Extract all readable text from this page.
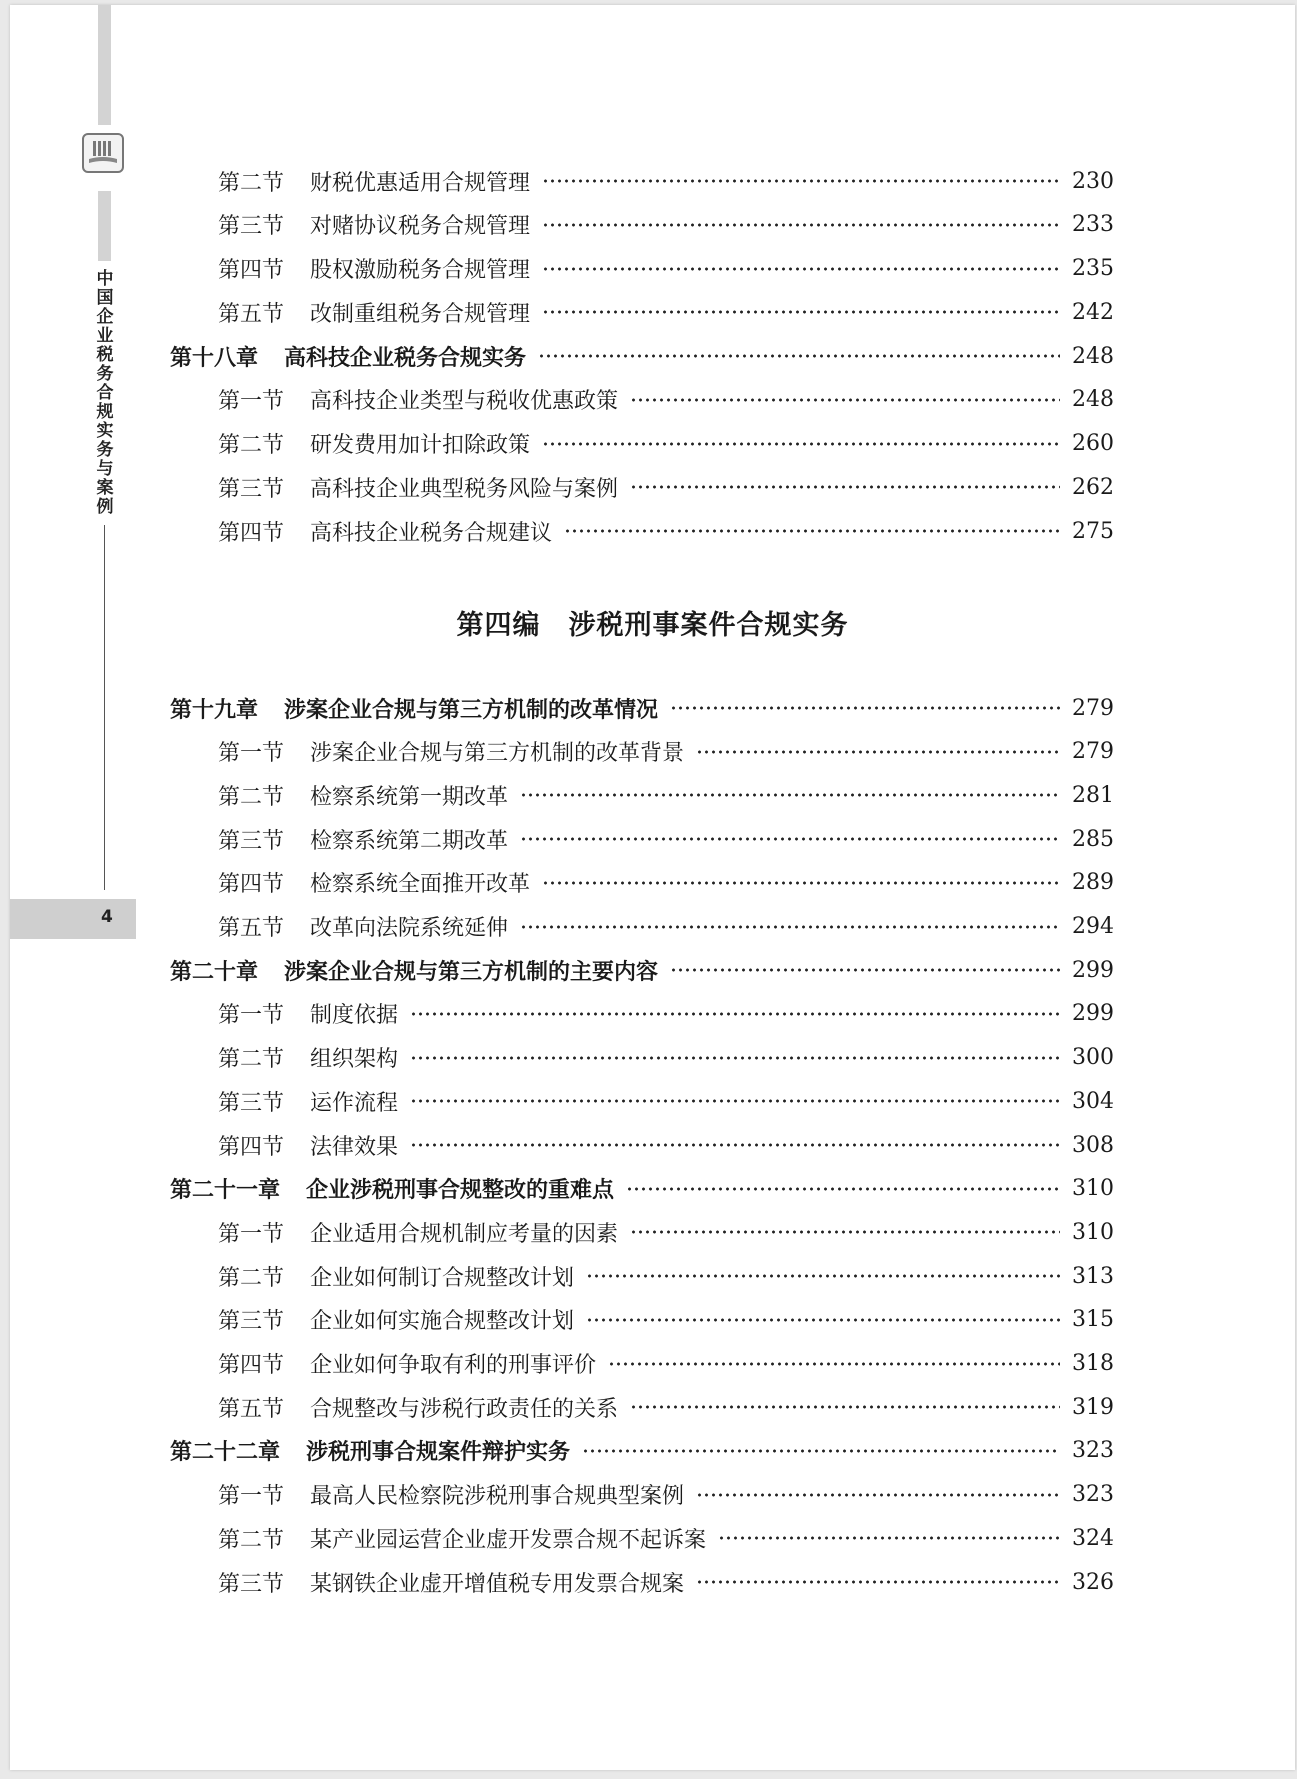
中国企业税务合规实务与案例
4
第四编　涉税刑事案件合规实务
第二节 财税优惠适用合规管理	230
第三节 对赌协议税务合规管理	233
第四节 股权激励税务合规管理	235
第五节 改制重组税务合规管理	242
第十八章 高科技企业税务合规实务	248
第一节 高科技企业类型与税收优惠政策	248
第二节 研发费用加计扣除政策	260
第三节 高科技企业典型税务风险与案例	262
第四节 高科技企业税务合规建议	275
第十九章 涉案企业合规与第三方机制的改革情况	279
第一节 涉案企业合规与第三方机制的改革背景	279
第二节 检察系统第一期改革	281
第三节 检察系统第二期改革	285
第四节 检察系统全面推开改革	289
第五节 改革向法院系统延伸	294
第二十章 涉案企业合规与第三方机制的主要内容	299
第一节 制度依据	299
第二节 组织架构	300
第三节 运作流程	304
第四节 法律效果	308
第二十一章 企业涉税刑事合规整改的重难点	310
第一节 企业适用合规机制应考量的因素	310
第二节 企业如何制订合规整改计划	313
第三节 企业如何实施合规整改计划	315
第四节 企业如何争取有利的刑事评价	318
第五节 合规整改与涉税行政责任的关系	319
第二十二章 涉税刑事合规案件辩护实务	323
第一节 最高人民检察院涉税刑事合规典型案例	323
第二节 某产业园运营企业虚开发票合规不起诉案	324
第三节 某钢铁企业虚开增值税专用发票合规案	326
